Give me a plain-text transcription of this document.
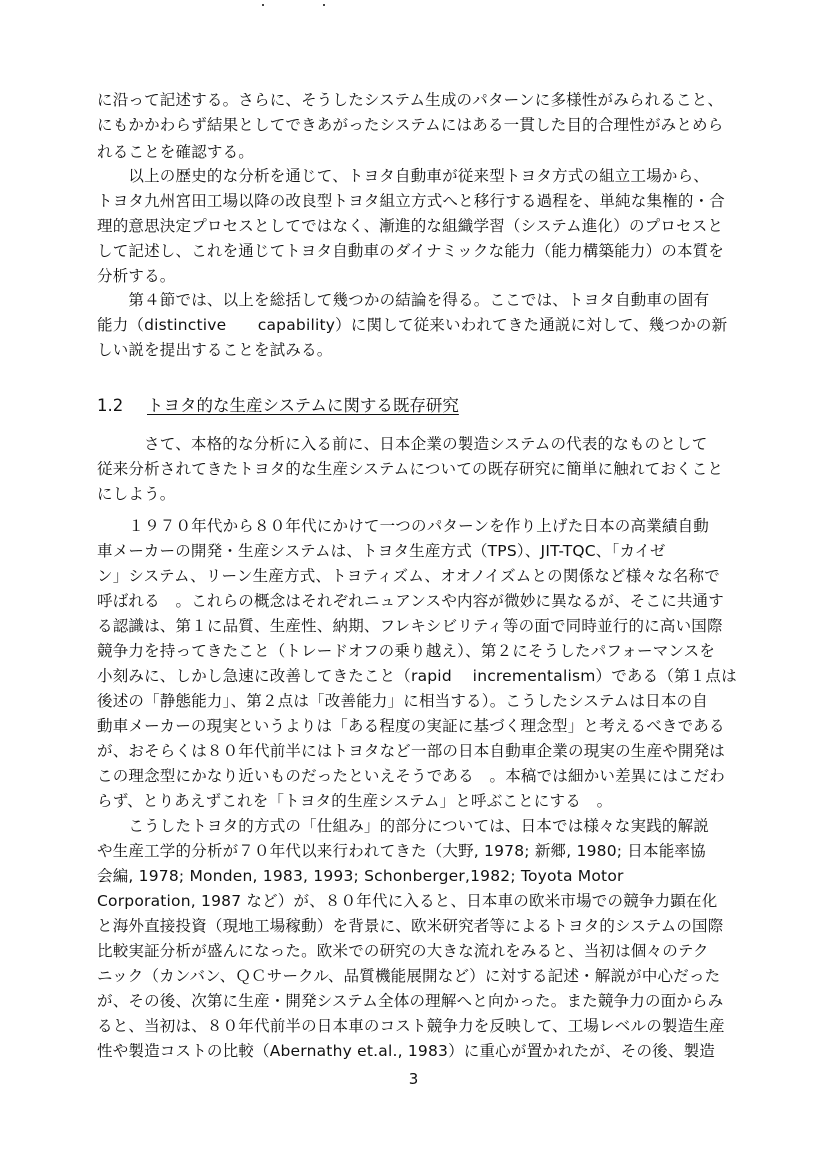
に沿って記述する。さらに、そうしたシステム生成のパターンに多様性がみられること、
にもかかわらず結果としてできあがったシステムにはある一貫した目的合理性がみとめら
れることを確認する。
　　以上の歴史的な分析を通じて、トヨタ自動車が従来型トヨタ方式の組立工場から、
トヨタ九州宮田工場以降の改良型トヨタ組立方式へと移行する過程を、単純な集権的・合
理的意思決定プロセスとしてではなく、漸進的な組織学習（システム進化）のプロセスと
して記述し、これを通じてトヨタ自動車のダイナミックな能力（能力構築能力）の本質を
分析する。
　　第４節では、以上を総括して幾つかの結論を得る。ここでは、トヨタ自動車の固有
能力（distinctive　　capability）に関して従来いわれてきた通説に対して、幾つかの新
しい説を提出することを試みる。
1.2 トヨタ的な生産システムに関する既存研究
　　　さて、本格的な分析に入る前に、日本企業の製造システムの代表的なものとして
従来分析されてきたトヨタ的な生産システムについての既存研究に簡単に触れておくこと
にしよう。
　　１９７０年代から８０年代にかけて一つのパターンを作り上げた日本の高業績自動
車メーカーの開発・生産システムは、トヨタ生産方式（TPS）、JIT-TQC、「カイゼ
ン」システム、リーン生産方式、トヨティズム、オオノイズムとの関係など様々な名称で
呼ばれる　。これらの概念はそれぞれニュアンスや内容が微妙に異なるが、そこに共通す
る認識は、第１に品質、生産性、納期、フレキシビリティ等の面で同時並行的に高い国際
競争力を持ってきたこと（トレードオフの乗り越え）、第２にそうしたパフォーマンスを
小刻みに、しかし急速に改善してきたこと（rapid　 incrementalism）である（第１点は
後述の「静態能力」、第２点は「改善能力」に相当する）。こうしたシステムは日本の自
動車メーカーの現実というよりは「ある程度の実証に基づく理念型」と考えるべきである
が、おそらくは８０年代前半にはトヨタなど一部の日本自動車企業の現実の生産や開発は
この理念型にかなり近いものだったといえそうである　。本稿では細かい差異にはこだわ
らず、とりあえずこれを「トヨタ的生産システム」と呼ぶことにする　。
　　こうしたトヨタ的方式の「仕組み」的部分については、日本では様々な実践的解説
や生産工学的分析が７０年代以来行われてきた（大野, 1978; 新郷, 1980; 日本能率協
会編, 1978; Monden, 1983, 1993; Schonberger,1982; Toyota Motor
Corporation, 1987 など）が、８０年代に入ると、日本車の欧米市場での競争力顕在化
と海外直接投資（現地工場稼動）を背景に、欧米研究者等によるトヨタ的システムの国際
比較実証分析が盛んになった。欧米での研究の大きな流れをみると、当初は個々のテク
ニック（カンバン、ＱＣサークル、品質機能展開など）に対する記述・解説が中心だった
が、その後、次第に生産・開発システム全体の理解へと向かった。また競争力の面からみ
ると、当初は、８０年代前半の日本車のコスト競争力を反映して、工場レベルの製造生産
性や製造コストの比較（Abernathy et.al., 1983）に重心が置かれたが、その後、製造
3
